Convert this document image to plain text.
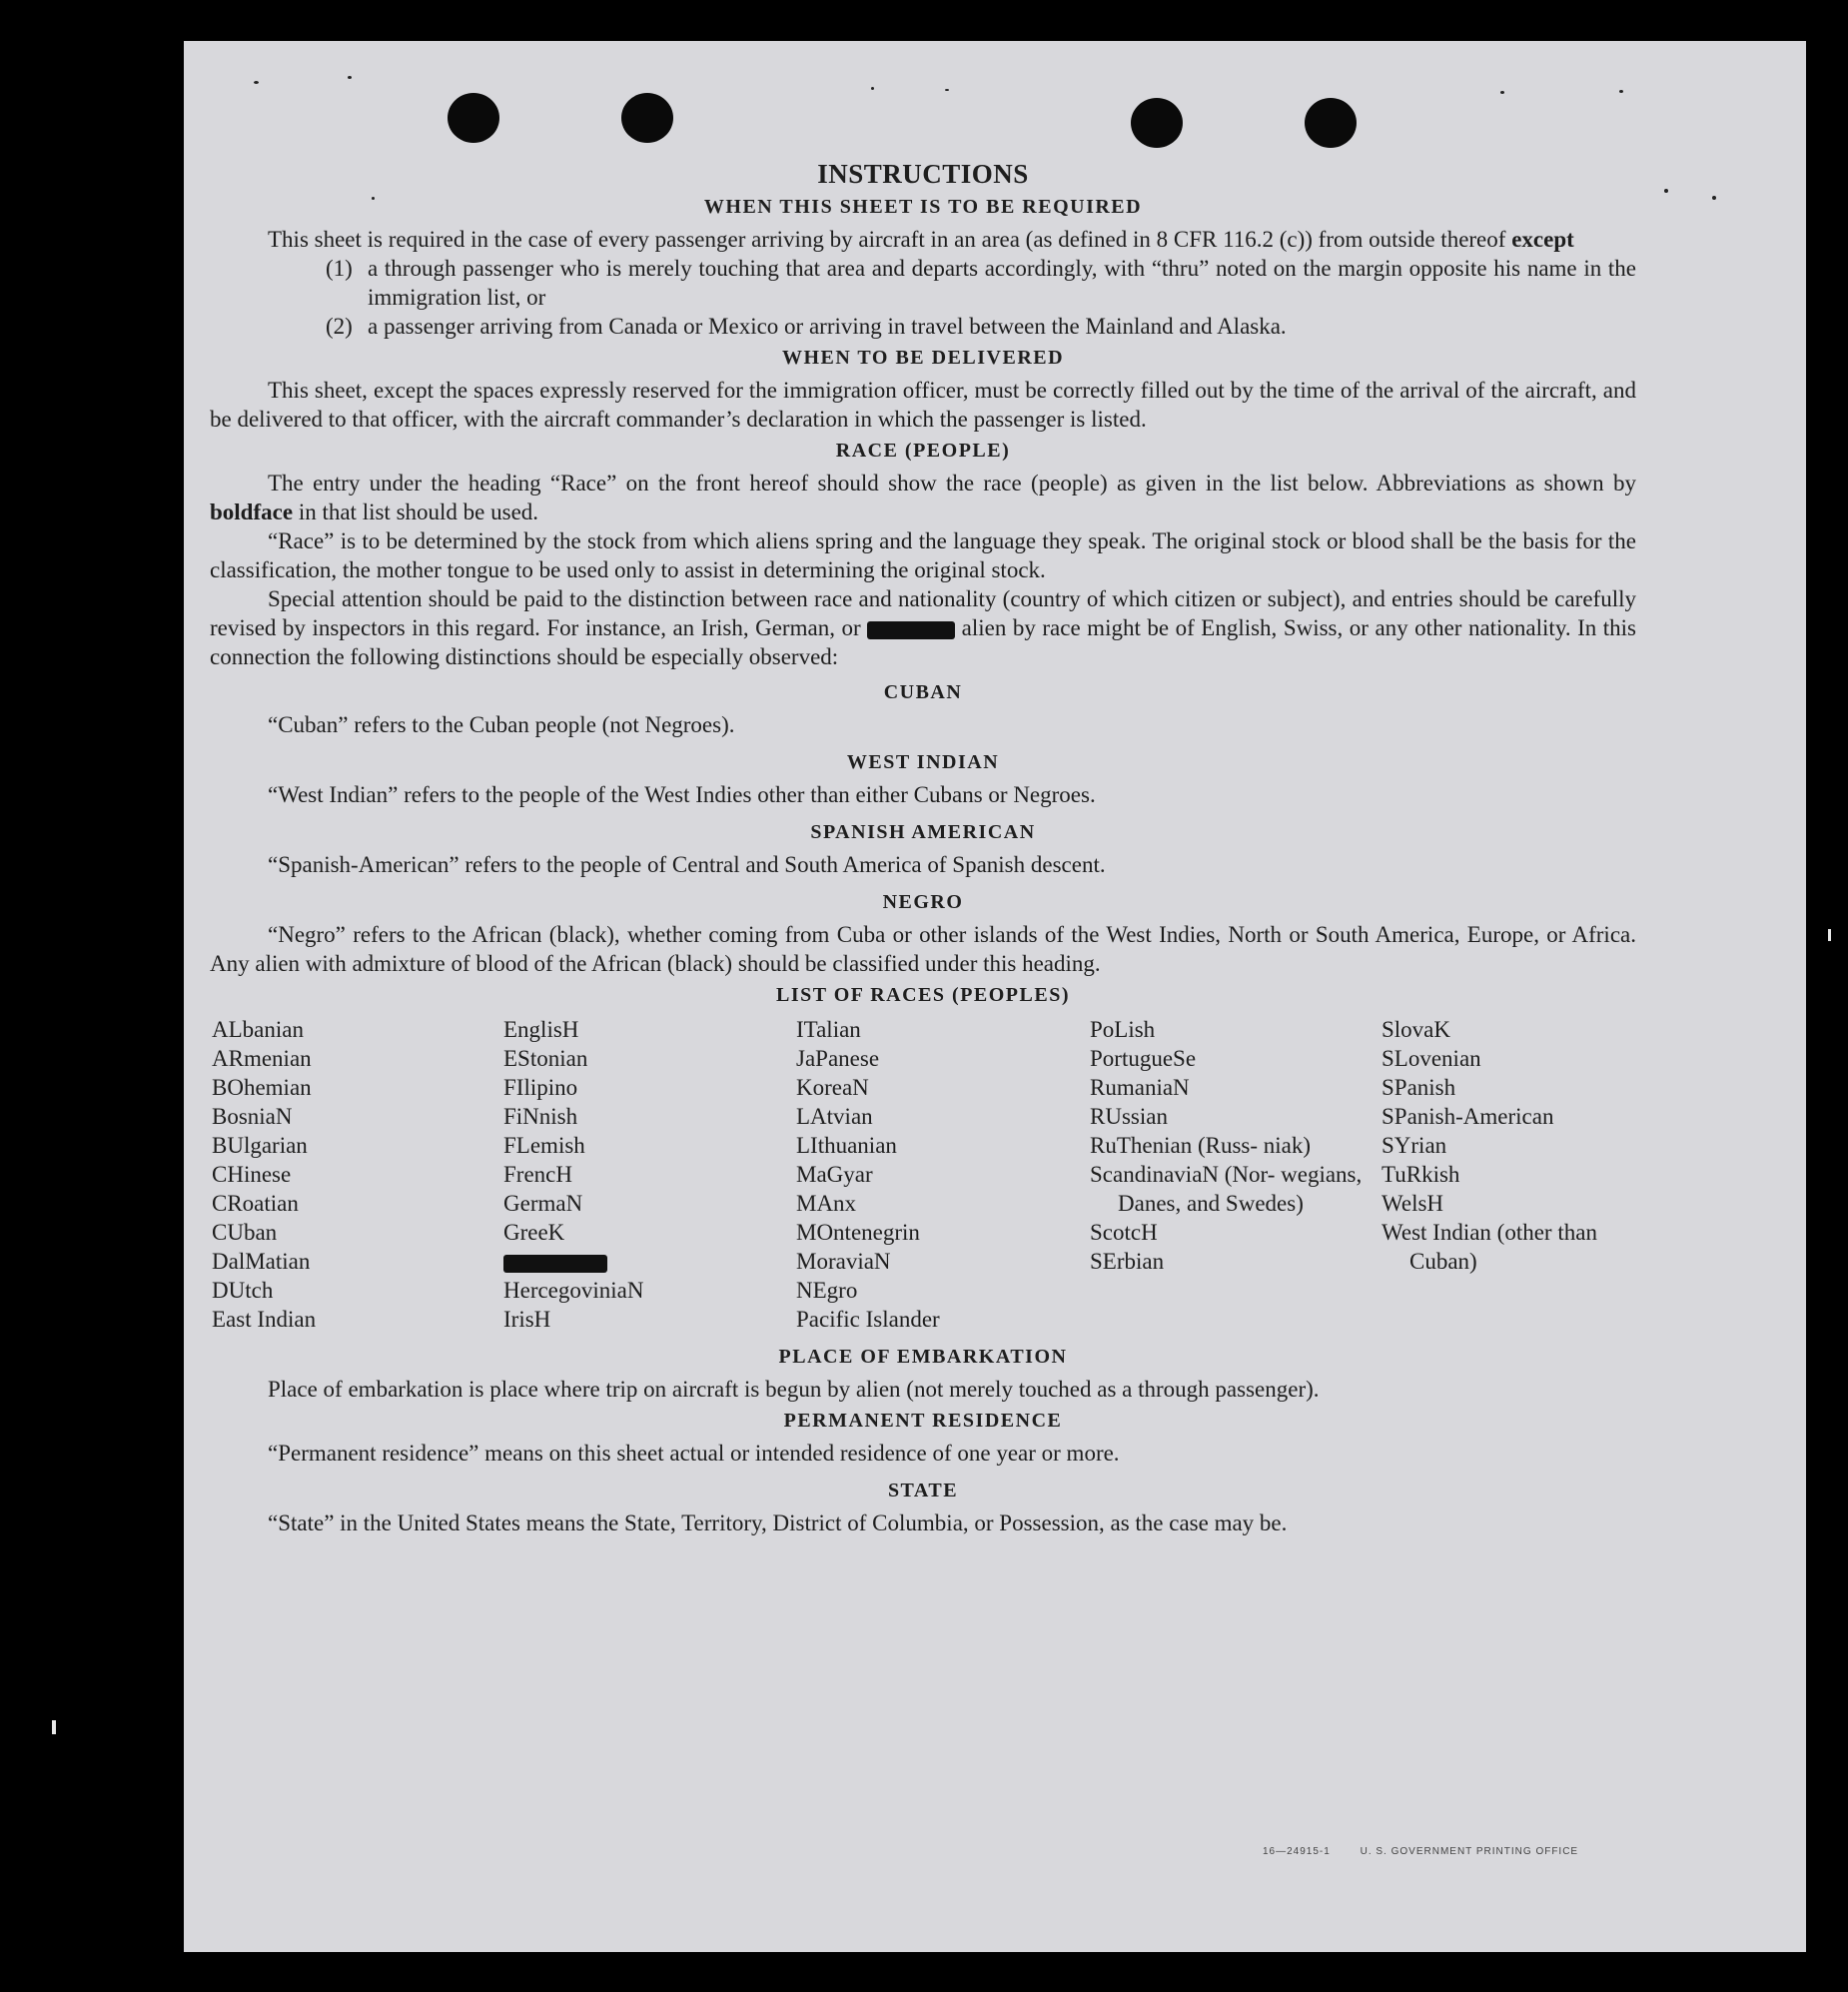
INSTRUCTIONS
WHEN THIS SHEET IS TO BE REQUIRED

This sheet is required in the case of every passenger arriving by aircraft in an area (as defined in 8 CFR 116.2 (c)) from outside thereof except

(1) a through passenger who is merely touching that area and departs accordingly, with “thru” noted on the margin opposite his name in the immigration list, or
(2) a passenger arriving from Canada or Mexico or arriving in travel between the Mainland and Alaska.
WHEN TO BE DELIVERED

This sheet, except the spaces expressly reserved for the immigration officer, must be correctly filled out by the time of the arrival of the aircraft, and be delivered to that officer, with the aircraft commander’s declaration in which the passenger is listed.

RACE (PEOPLE)

The entry under the heading “Race” on the front hereof should show the race (people) as given in the list below. Abbreviations as shown by boldface in that list should be used.

“Race” is to be determined by the stock from which aliens spring and the language they speak. The original stock or blood shall be the basis for the classification, the mother tongue to be used only to assist in determining the original stock.

Special attention should be paid to the distinction between race and nationality (country of which citizen or subject), and entries should be carefully revised by inspectors in this regard. For instance, an Irish, German, or	alien by race might be of English, Swiss, or any other nationality. In this connection the following distinctions should be especially observed:

CUBAN

“Cuban” refers to the Cuban people (not Negroes).

WEST INDIAN

“West Indian” refers to the people of the West Indies other than either Cubans or Negroes.

SPANISH AMERICAN

“Spanish-American” refers to the people of Central and South America of Spanish descent.

NEGRO

“Negro” refers to the African (black), whether coming from Cuba or other islands of the West Indies, North or South America, Europe, or Africa. Any alien with admixture of blood of the African (black) should be classified under this heading.

LIST OF RACES (PEOPLES)
ALbanian
ARmenian
BOhemian
BosniaN
BUlgarian
CHinese
CRoatian
CUban
DalMatian
DUtch
East Indian
EnglisH
EStonian
FIlipino
FiNnish
FLemish
FrencH
GermaN
GreeK
HercegoviniaN
IrisH
ITalian
JaPanese
KoreaN
LAtvian
LIthuanian
MaGyar
MAnx
MOntenegrin
MoraviaN
NEgro
Pacific Islander
PoLish
PortugueSe
RumaniaN
RUssian
RuThenian (Russ- niak)
ScandinaviaN (Nor- wegians, Danes, and Swedes)
ScotcH
SErbian
SlovaK
SLovenian
SPanish
SPanish-American
SYrian
TuRkish
WelsH
West Indian (other than Cuban)
PLACE OF EMBARKATION

Place of embarkation is place where trip on aircraft is begun by alien (not merely touched as a through passenger).

PERMANENT RESIDENCE

“Permanent residence” means on this sheet actual or intended residence of one year or more.

STATE

“State” in the United States means the State, Territory, District of Columbia, or Possession, as the case may be.

16—24915-1	U. S. GOVERNMENT PRINTING OFFICE
